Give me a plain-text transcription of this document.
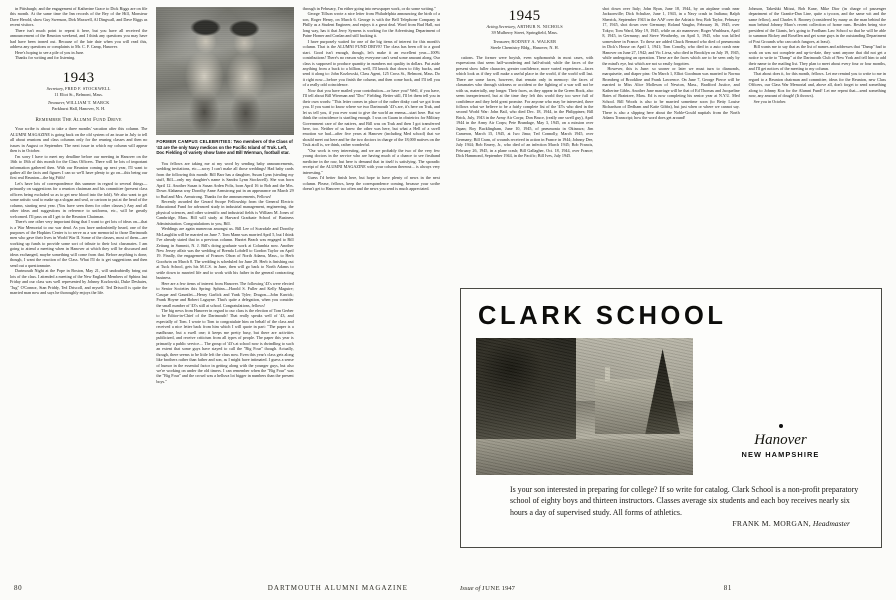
in Pittsburgh; and the engagement of Katherine Grace to Dick Riggs are on file this month. At the same time the Inn records of the Bey of the Hill, Monsieur Dave Herold, show Guy Swenson, Dirk Maxwell, Al Dingwall, and Dave Riggs as recent visitors.

There isn't much point to repeat it here, but you have all received the announcement of the Reunion weekend, and I think any questions you may have had have been ironed out. Because of the late date when you will read this, address any questions or complaints to Mr. C. F. Camp, Hanover.

Here's hoping to see a pile of you in June.

Thanks for writing and for listening.

1943
Secretary, FRED F. STOCKWELL
11 Eliot St., Belmont, Mass.
Treasurer, WILLIAM T. MARCK
Parkhurst Hall, Hanover, N. H.
Remember The Alumni Fund Drive

Your scribe is about to take a three months' vacation after this column. The ALUMNI MAGAZINE is going back on the old system of an issue in July to tell all about reunions and class columns only for the reuning classes and then no issues in August or September. The next issue in which my column will appear then is in October.

I'm sorry I have to meet my deadline before our meeting in Hanover on the 16th to 18th of this month for the Class Officers. There will be lots of important information gathered then. With our Reunion coming up next year, I'll want to gather all the facts and figures I can so we'll have plenty to go on—this being our first real Reunion—the big Fifth!

Let's have lots of correspondence this summer in regard to several things—primarily on suggestions for a reunion chairman and his committee (present class officers being excluded so as to get new blood into the fold). We also want to get some artistic soul to make up a slogan and seal, or cartoon to put at the head of the column, starting next year. (You have seen them for other classes.) Any and all other ideas and suggestions in reference to uniforms, etc., will be greatly welcomed. I'll pass on all I get to the Reunion Chairman.

There's one other very important thing that I want to get lots of ideas on—that is a War Memorial to our war dead. As you have undoubtedly heard, one of the purposes of the Hopkins Center is to serve as a war memorial to those Dartmouth men who gave their lives in World War II. Some of the classes, most of them—are working up funds to provide some sort of tribute to their lost classmates. I am going to attend a meeting when in Hanover at which they will be discussed and ideas exchanged, maybe something will come from that. Before anything is done, though, I want the reaction of the Class. What I'll do is get suggestions and then send out a questionnaire.

Dartmouth Night at the Pope in Boston, May 21, will undoubtedly bring out lots of the class. I attended a meeting of the New England Members of Sphinx last Friday and our class was well represented by Johnny Kozlowski, Duke Deshaies, "Jug" O'Connor, Stan Priddy, Ted Driscoll, and myself. Ted Driscoll is quite the married man now and says he thoroughly enjoys the life.

FORMER CAMPUS CELEBRITIES: Two members of the Class of '43 are the only Navy medicos on the Pacific Island of Truk. Left, Doc Fielding of variety show fame and Bill Wierman, football star.

You fellows are taking me at my word by sending baby announcements, wedding invitations, etc.—sorry I can't make all those weddings! Had baby cards from the following this month: Bill Barr has a daughter, Susan Lynn (stealing my stuff, Bill—only my daughter's name is Sandra Lynn Stockwell). She was born April 12. Another Susan is Susan Arden Polis, born April 16 to Bob and the Mrs. Down Alabama way Dorothy Anne Armstrong put in an appearance on March 29 to Bud and Mrs. Armstrong. Thanks for the announcements, Fellows!

Recently awarded the Gerard Swope Fellowship from the General Electric Educational Fund for advanced study in industrial management, engineering, the physical sciences, and other scientific and industrial fields is William M. Jones of Cambridge, Mass. Bill will study at Harvard Graduate School of Business Administration. Congratulations to you, Bill.

Weddings are again numerous amongst us. Bill Lee of Scarsdale and Dorothy McLaughlin will be married on June 7. Tom Mann was married April 5, but I think I've already stated that in a previous column. Harriet Beach was engaged to Bill Zeitung in Summit, N. J. Bill's doing graduate work at Columbia now. Another New Jersey affair was the wedding of Brenda Lobdell to Gordon Taylor on April 19. Finally, the engagement of Frances Olson of North Adams, Mass., to Herb Goodwin on March 8. The wedding is scheduled for June 28. Herb is finishing out at Tuck School, gets his M.C.S. in June, then will go back to North Adams to settle down to married life and to work with his father in the general contracting business.

Here are a few items of interest from Hanover. The following '43's were elected to Senior Societies this Spring: Sphinx—Harold S. Fuller and Kelly Maguire; Casque and Gauntlet—Henry Garlick and Yank Tyler; Dragon—John Karrick; Frank Hoyne and Robert Laguyne. That's quite a delegation, when you consider the small number of '43's still at school. Congratulations, fellows!

The big news from Hanover in regard to our class is the election of Tom Gerber to be Editor-in-Chief of the Dartmouth! That really speaks well of '43, and especially of Tom. I wrote to Tom to congratulate him on behalf of the class and received a nice letter back from him which I will quote in part: "The paper is a madhouse, but a swell one; it keeps me pretty busy, but there are activities publicized, and receive criticism from all types of people. The paper this year is primarily a public service.... The group of '43's at school now is dwindling to such an extent that some guys have stayed to call the "Big Four" though. Actually, though, there seems to be little left the class now. Even this year's class gets along like brothers rather than father and son, as I might have intimated. I guess a sense of humor in the essential factor in getting along with the younger guys, but also we're working on under the old timers. I can remember when the "Big Four" was the "Big Four" and the crowd was a helluva lot bigger in numbers than the present boys."

through in February, I'm either going into newspaper work, or do some writing."

George Tillson wrote a nice letter from Philadelphia announcing the birth of a son, Roger Henry, on March 6. George is with the Bell Telephone Company in Philly as a Student Engineer, and enjoys it a great deal. Word from Bud Hall, not long way, has it that Jerry Symens is working for the Advertising Department of Paine Homer and Conlan and still backing it.

I have purposely waited for one of the big items of interest for this month's column. That is the ALUMNI FUND DRIVE! The class has been off to a good start. Good isn't enough, though, let's make it an excellent year—100% contributions! There's no reason why everyone can't send some amount along. Our class is supposed to produce quantity in numbers not quality in dollars. Put aside anything from a buck to a billion, well, I'll knock that down to fifty bucks, and send it along to: John Kozlowski, Class Agent, 125 Cross St., Belmont, Mass. Do it right now—before you finish the column, and then come back, and I'll tell you of a really odd coincidence.

Now that you have mailed your contribution—or have you? Well, if you have, I'll tell about Bill Wierman and "Doc" Fielding. Better still, I'll let them tell you in their own words: "This letter comes in place of the rather dinky card we got from you. If you want to know where we two Dartmouth '43's are, it's here on Truk, and let us tell you, if you ever want to give the world an enema—start here. But we think the coincidence is startling enough. I was on Guam in obstetrics for Military Government care of the natives, and Bill was on Truk and then I got transferred here, too. Neither of us knew the other was here, but what a Hell of a swell emotion we had—after five years at Hanover (including Med school) that we should meet out here and be the two doctors in charge of the 18,000 natives on the Truk atoll is, we think, rather wonderful.

"Our work is very interesting, and we are probably the two of the very few young doctors in the service who are having much of a chance to see firsthand medicine in the raw, but here is demand that in itself is satisfying. The sporadic receipt of the ALUMNI MAGAZINE with your column thereout... is always very interesting."

Guess I'd better finish here, but hope to have plenty of news in the next column. Please, fellows, keep the correspondence coming, because your scribe doesn't get to Hanover too often and the news you send is much appreciated.

80	DARTMOUTH ALUMNI MAGAZINE
1945
Acting Secretary, ARTHUR N. NICHOLS
39 Mulberry Street, Springfield, Mass.
Treasurer, RODNEY A. WALKER
Steele Chemistry Bldg., Hanover, N. H.

cations. The former were boyish, even sophomorish in most cases, with expressions that seem half-wondering and half-afraid; while the faces of the present show fuller character, greater confidence, more varied experience—faces which look as if they will make a useful place in the world, if the world will last. There are some faces, however, that remain only in memory: the faces of classmates who through sickness or accident or the fighting of a war will not be with us, materially, any longer. Their faces, as they appear in the Green Book, also seem inexperienced, but at the time they left this world they too were full of confidence and they held great promise. For anyone who may be interested, there follows what we believe to be a fairly complete list of the '45's who died in the second World War: John Bail, who died Dec. 18, 1944, in the Philippines; Bill Brick, July, 1943 in the Army Air Corps; Don Bruce, (really one swell guy), April 1944 in the Army Air Corps; Pete Brundage, May 3, 1945, on a mission over Japan; Roy Bucklingham, June 10, 1945, of pneumonia in Okinawa; Jim Cameron, March 15, 1945, at Iwo Jima; Ted Connolly, March 1945, over Germany; Bill Cram, of wounds received in action in France in 1944; Johnny Dee, July 1944; Bob Emery, Jr., who died of an infection March 1945; Bob Francis, February 26, 1945, in a plane crash; Bill Gallagher, Oct. 18, 1944, over France; Dick Hammond, September 1944, in the Pacific; Bill Ives, July 1945.

shot down over Italy; John Ryan, June 18, 1944, by an airplane crash near Jacksonville; Dick Schultze, June 1, 1943, in a Navy crash in Indiana; Ralph Sherrick, September 1943 in the AAF over the Adriatic Sea; Bob Taylor, February 17, 1945, shot down over Germany; Roland Vaughn, February 16, 1945, over Tokyo; Tom Ward, May 19, 1945, while on air maneuver; Roger Washburn, April 8, 1945, in Germany; and Steve Weatherby, on April 5, 1945, who was killed somewhere in France. To these are added Chuck Bernard who died of pneumonia in Dick's House on April 1, 1941; Tom Conolly, who died in a auto crash near Hanover on June 27, 1942; and Vic Livsa, who died in Brooklyn on July 19, 1945, while undergoing an operation. These are the faces which are to be seen only by the mind's eye, but which are not so easily forgotten.

However, this is June: so sooner or later we must turn to diamonds, marquisette, and diaper pins: On March 1, Elliot Goodman was married to Norma Bromberg of Brookline and Frank Lawrence. On June 7, George Pierce will be married to Miss Alice Molleson of Newton, Mass., Bradford Justice, and Katherine Gibbs. Another June marriage will be that of Ed Thomas and Jacqueline Bates of Braintree, Mass. Ed is now completing his senior year at N.Y.U. Med School. Bill Woods is also to be married sometime soon (to Betty Louise Richardson of Dedham and Katie Gibbs), but just when or where we cannot say. There is also a slipping here about the Noble-Gould nuptials from the North Adams Transcript; how the word does get around!

Johnson, Takeshki Mitsui, Bob Kane, Mike Dior (in charge of passenger department of the Granite-Dan Line, quite a tycoon, and the same wit and the same fellow), and Charles S. Rooney (considered by many as the man behind the man behind Johnny Maro's recent collection of home runs. Besides being vice president of the Giants, he's going to Fordham Law School so that he will be able to summon Rickey and Rosellen and get some guys in the outstanding Department of Post Grounds who can catch fungoes, at least).

Bill wants me to say that as the list of names and addresses that "Damp" had to work on was not complete and up-to-date, they want anyone that did not get a notice to write to "Damp" at the Dartmouth Club of New York and tell him to add their name to the mailing list. They plan to meet about every four or four months, and I'll get notices of the meeting to my column.

That about does it, for this month, fellows. Let me remind you to write to me in regard to a Reunion chairman and committee, ideas for the Reunion, new Class Officers, our Class War Memorial and, above all, don't forget to send something along to Johnny Koz for the Alumni Fund! Let me repeat that—send something now, any amount of dough! (It throws).

See you in October.

CLARK SCHOOL
Hanover
NEW HAMPSHIRE
Is your son interested in preparing for college? If so write for catalog. Clark School is a non-profit preparatory school of eighty boys and thirteen instructors. Classes average six students and each boy receives nearly six hours a day of supervised study. All forms of athletics.
FRANK M. MORGAN, Headmaster
Issue of JUNE 1947	81
